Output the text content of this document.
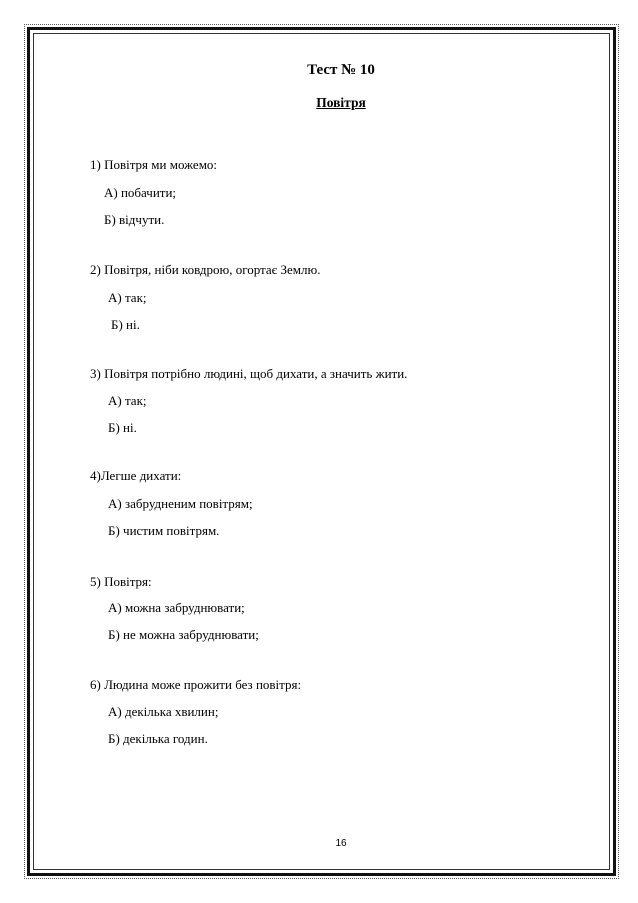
Тест № 10
Повітря

1) Повітря ми можемо:

А) побачити;

Б) відчути.

2) Повітря, ніби ковдрою, огортає Землю.

А) так;

Б) ні.

3) Повітря потрібно людині, щоб дихати, а значить жити.

А) так;

Б) ні.

4)Легше дихати:

А) забрудненим повітрям;

Б) чистим повітрям.

5) Повітря:

А) можна забруднювати;

Б) не можна забруднювати;

6) Людина може прожити без повітря:

А) декілька хвилин;

Б) декілька годин.

16
